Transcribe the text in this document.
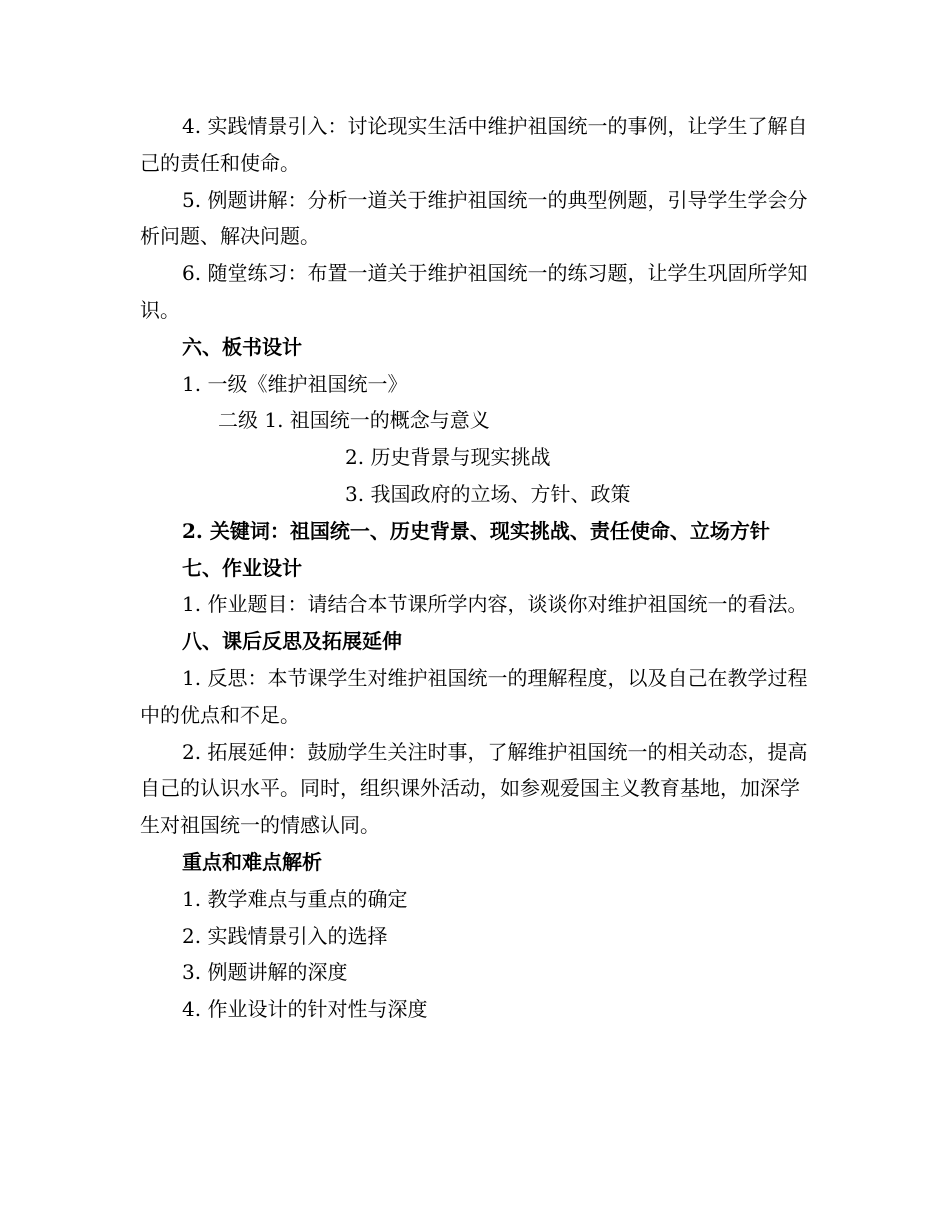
4. 实践情景引入：讨论现实生活中维护祖国统一的事例，让学生了解自己的责任和使命。

5. 例题讲解：分析一道关于维护祖国统一的典型例题，引导学生学会分析问题、解决问题。

6. 随堂练习：布置一道关于维护祖国统一的练习题，让学生巩固所学知识。

六、板书设计

1. 一级《维护祖国统一》

二级 1. 祖国统一的概念与意义

2. 历史背景与现实挑战

3. 我国政府的立场、方针、政策

2. 关键词：祖国统一、历史背景、现实挑战、责任使命、立场方针

七、作业设计

1. 作业题目：请结合本节课所学内容，谈谈你对维护祖国统一的看法。

八、课后反思及拓展延伸

1. 反思：本节课学生对维护祖国统一的理解程度，以及自己在教学过程中的优点和不足。

2. 拓展延伸：鼓励学生关注时事，了解维护祖国统一的相关动态，提高自己的认识水平。同时，组织课外活动，如参观爱国主义教育基地，加深学生对祖国统一的情感认同。

重点和难点解析

1. 教学难点与重点的确定

2. 实践情景引入的选择

3. 例题讲解的深度

4. 作业设计的针对性与深度
